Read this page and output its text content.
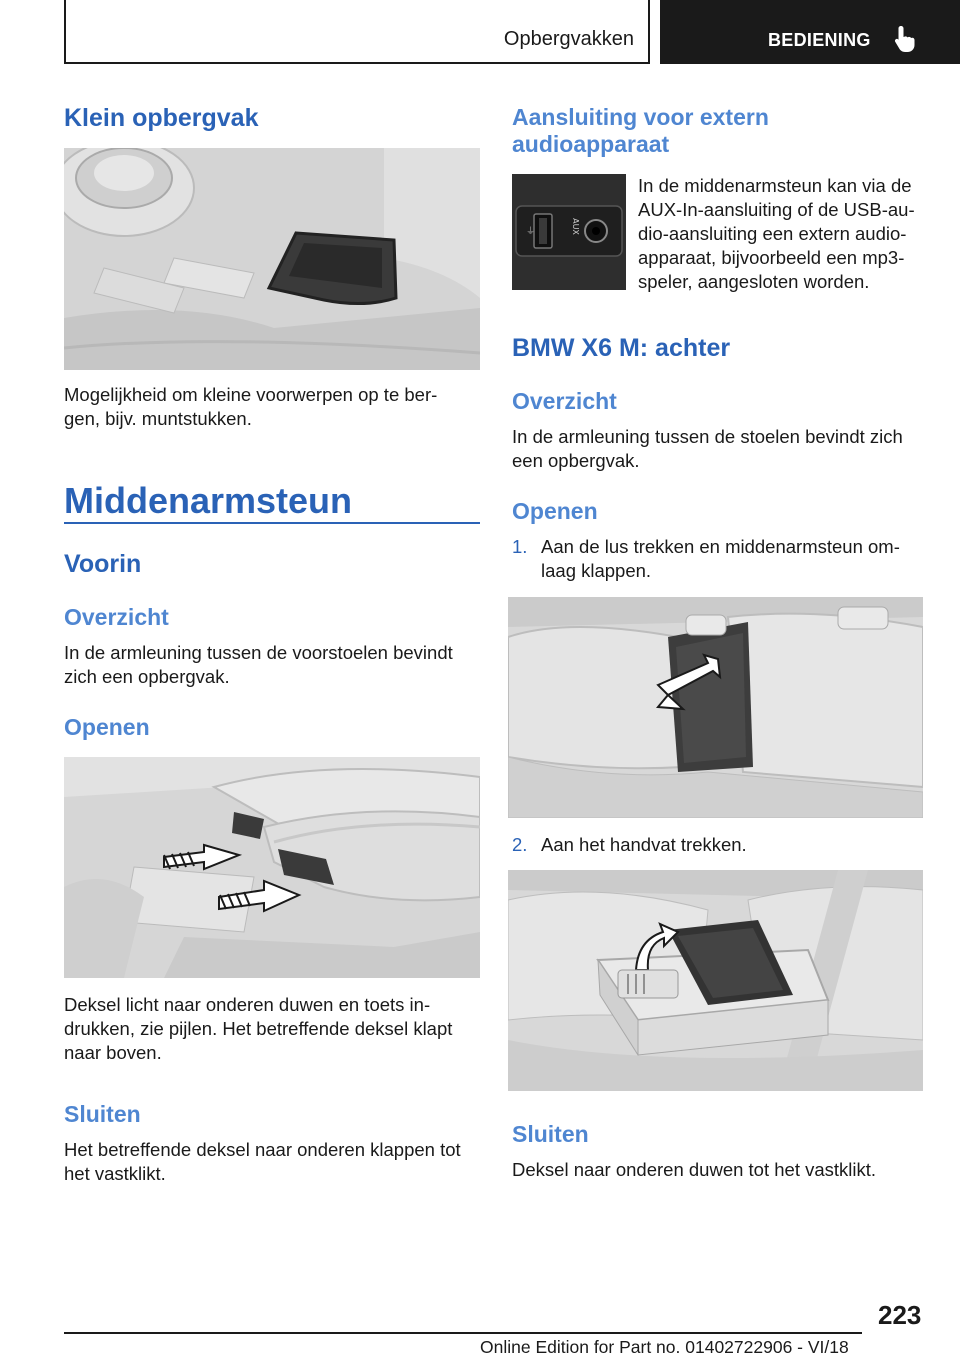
Opbergvakken	BEDIENING
Klein opbergvak
Mogelijkheid om kleine voorwerpen op te ber‐
gen, bijv. muntstukken.
Middenarmsteun
Voorin
Overzicht
In de armleuning tussen de voorstoelen bevindt
zich een opbergvak.
Openen
Deksel licht naar onderen duwen en toets in‐
drukken, zie pijlen. Het betreffende deksel klapt
naar boven.
Sluiten
Het betreffende deksel naar onderen klappen tot
het vastklikt.
Aansluiting voor extern
audioapparaat
⏚	AUX
In de middenarmsteun kan via de
AUX-In-aansluiting of de USB-au‐
dio-aansluiting een extern audio‐
apparaat, bijvoorbeeld een mp3-
speler, aangesloten worden.
BMW X6 M: achter
Overzicht
In de armleuning tussen de stoelen bevindt zich
een opbergvak.
Openen
1. Aan de lus trekken en middenarmsteun om‐
laag klappen.
2. Aan het handvat trekken.
Sluiten
Deksel naar onderen duwen tot het vastklikt.
223
Online Edition for Part no. 01402722906 - VI/18
